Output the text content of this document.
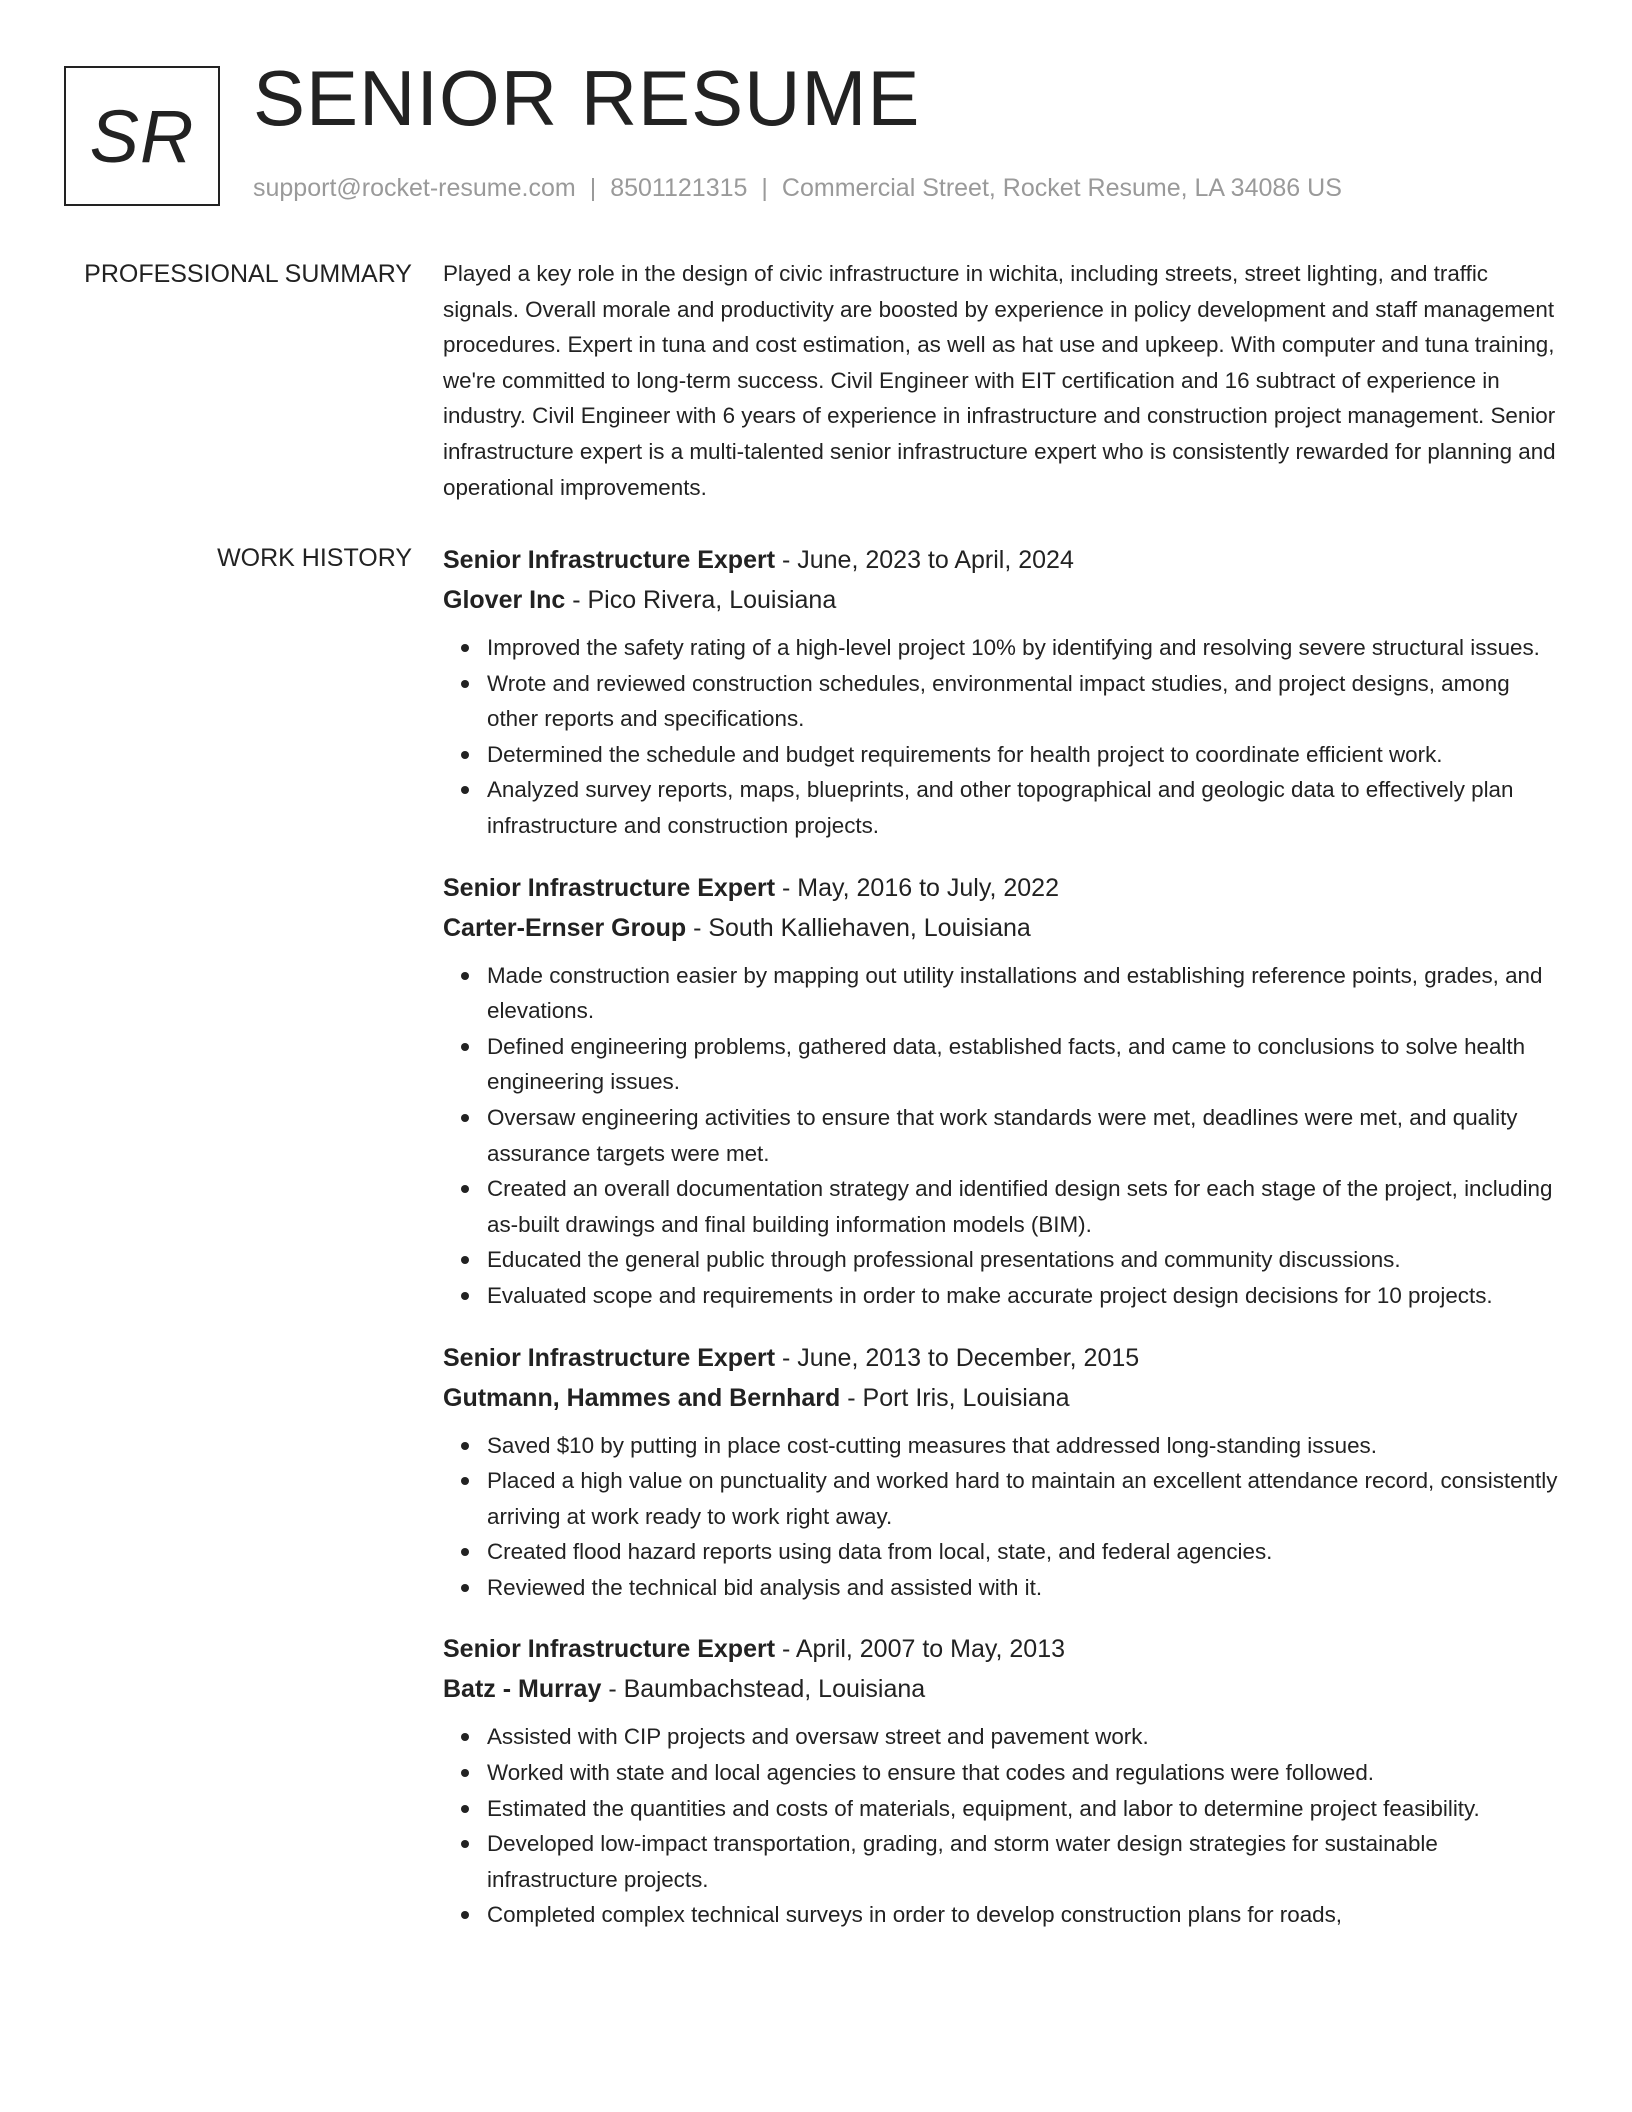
SR SENIOR RESUME
support@rocket-resume.com | 8501121315 | Commercial Street, Rocket Resume, LA 34086 US
PROFESSIONAL SUMMARY Played a key role in the design of civic infrastructure in wichita, including streets, street lighting, and traffic signals. Overall morale and productivity are boosted by experience in policy development and staff management procedures. Expert in tuna and cost estimation, as well as hat use and upkeep. With computer and tuna training, we're committed to long-term success. Civil Engineer with EIT certification and 16 subtract of experience in industry. Civil Engineer with 6 years of experience in infrastructure and construction project management. Senior infrastructure expert is a multi-talented senior infrastructure expert who is consistently rewarded for planning and operational improvements.

WORK HISTORY Senior Infrastructure Expert - June, 2023 to April, 2024

Glover Inc - Pico Rivera, Louisiana

Improved the safety rating of a high-level project 10% by identifying and resolving severe structural issues.
Wrote and reviewed construction schedules, environmental impact studies, and project designs, among other reports and specifications.
Determined the schedule and budget requirements for health project to coordinate efficient work.
Analyzed survey reports, maps, blueprints, and other topographical and geologic data to effectively plan infrastructure and construction projects.

Senior Infrastructure Expert - May, 2016 to July, 2022

Carter-Ernser Group - South Kalliehaven, Louisiana

Made construction easier by mapping out utility installations and establishing reference points, grades, and elevations.
Defined engineering problems, gathered data, established facts, and came to conclusions to solve health engineering issues.
Oversaw engineering activities to ensure that work standards were met, deadlines were met, and quality assurance targets were met.
Created an overall documentation strategy and identified design sets for each stage of the project, including as-built drawings and final building information models (BIM).
Educated the general public through professional presentations and community discussions.
Evaluated scope and requirements in order to make accurate project design decisions for 10 projects.

Senior Infrastructure Expert - June, 2013 to December, 2015

Gutmann, Hammes and Bernhard - Port Iris, Louisiana

Saved $10 by putting in place cost-cutting measures that addressed long-standing issues.
Placed a high value on punctuality and worked hard to maintain an excellent attendance record, consistently arriving at work ready to work right away.
Created flood hazard reports using data from local, state, and federal agencies.
Reviewed the technical bid analysis and assisted with it.

Senior Infrastructure Expert - April, 2007 to May, 2013

Batz - Murray - Baumbachstead, Louisiana

Assisted with CIP projects and oversaw street and pavement work.
Worked with state and local agencies to ensure that codes and regulations were followed.
Estimated the quantities and costs of materials, equipment, and labor to determine project feasibility.
Developed low-impact transportation, grading, and storm water design strategies for sustainable infrastructure projects.
Completed complex technical surveys in order to develop construction plans for roads,
